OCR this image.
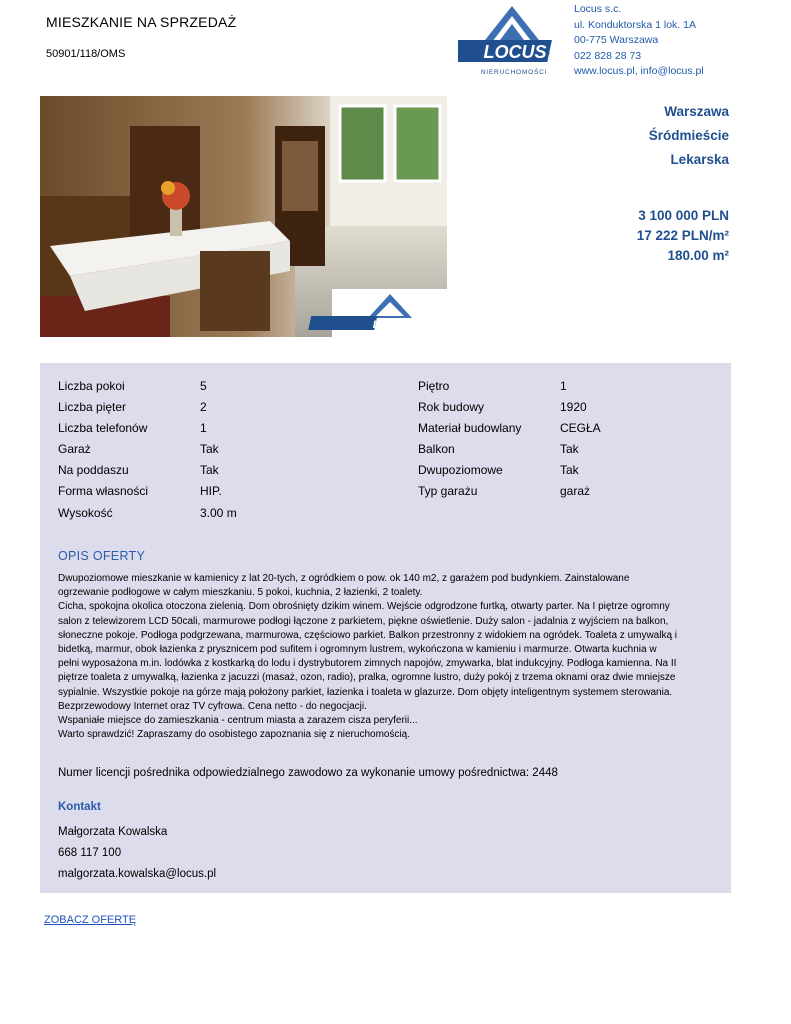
MIESZKANIE NA SPRZEDAŻ
50901/118/OMS	LOCUS
NIERUCHOMOŚCI
Locus s.c.
ul. Konduktorska 1 lok. 1A
00-775 Warszawa
022 828 28 73
www.locus.pl, info@locus.pl
LOCUS
Warszawa
Śródmieście
Lekarska
3 100 000 PLN
17 222 PLN/m²
180.00 m²
Liczba pokoi	5
Liczba pięter	2
Liczba telefonów	1
Garaż	Tak
Na poddaszu	Tak
Forma własności	HIP.
Wysokość	3.00 m
Piętro	1
Rok budowy	1920
Materiał budowlany	CEGŁA
Balkon	Tak
Dwupoziomowe	Tak
Typ garażu	garaż
OPIS OFERTY

Dwupoziomowe mieszkanie w kamienicy z lat 20-tych, z ogródkiem o pow. ok 140 m2, z garażem pod budynkiem. Zainstalowane

ogrzewanie podłogowe w całym mieszkaniu. 5 pokoi, kuchnia, 2 łazienki, 2 toalety.

Cicha, spokojna okolica otoczona zielenią. Dom obrośnięty dzikim winem. Wejście odgrodzone furtką, otwarty parter. Na I piętrze ogromny

salon z telewizorem LCD 50cali, marmurowe podłogi łączone z parkietem, piękne oświetlenie. Duży salon - jadalnia z wyjściem na balkon,

słoneczne pokoje. Podłoga podgrzewana, marmurowa, częściowo parkiet. Balkon przestronny z widokiem na ogródek. Toaleta z umywalką i

bidetką, marmur, obok łazienka z prysznicem pod sufitem i ogromnym lustrem, wykończona w kamieniu i marmurze. Otwarta kuchnia w

pełni wyposażona m.in. lodówka z kostkarką do lodu i dystrybutorem zimnych napojów, zmywarka, blat indukcyjny. Podłoga kamienna. Na II

piętrze toaleta z umywalką, łazienka z jacuzzi (masaż, ozon, radio), pralka, ogromne lustro, duży pokój z trzema oknami oraz dwie mniejsze

sypialnie. Wszystkie pokoje na górze mają położony parkiet, łazienka i toaleta w glazurze. Dom objęty inteligentnym systemem sterowania.

Bezprzewodowy Internet oraz TV cyfrowa. Cena netto - do negocjacji.

Wspaniałe miejsce do zamieszkania - centrum miasta a zarazem cisza peryferii...

Warto sprawdzić! Zapraszamy do osobistego zapoznania się z nieruchomością.

Numer licencji pośrednika odpowiedzialnego zawodowo za wykonanie umowy pośrednictwa: 2448
Kontakt
Małgorzata Kowalska
668 117 100
malgorzata.kowalska@locus.pl
ZOBACZ OFERTĘ
